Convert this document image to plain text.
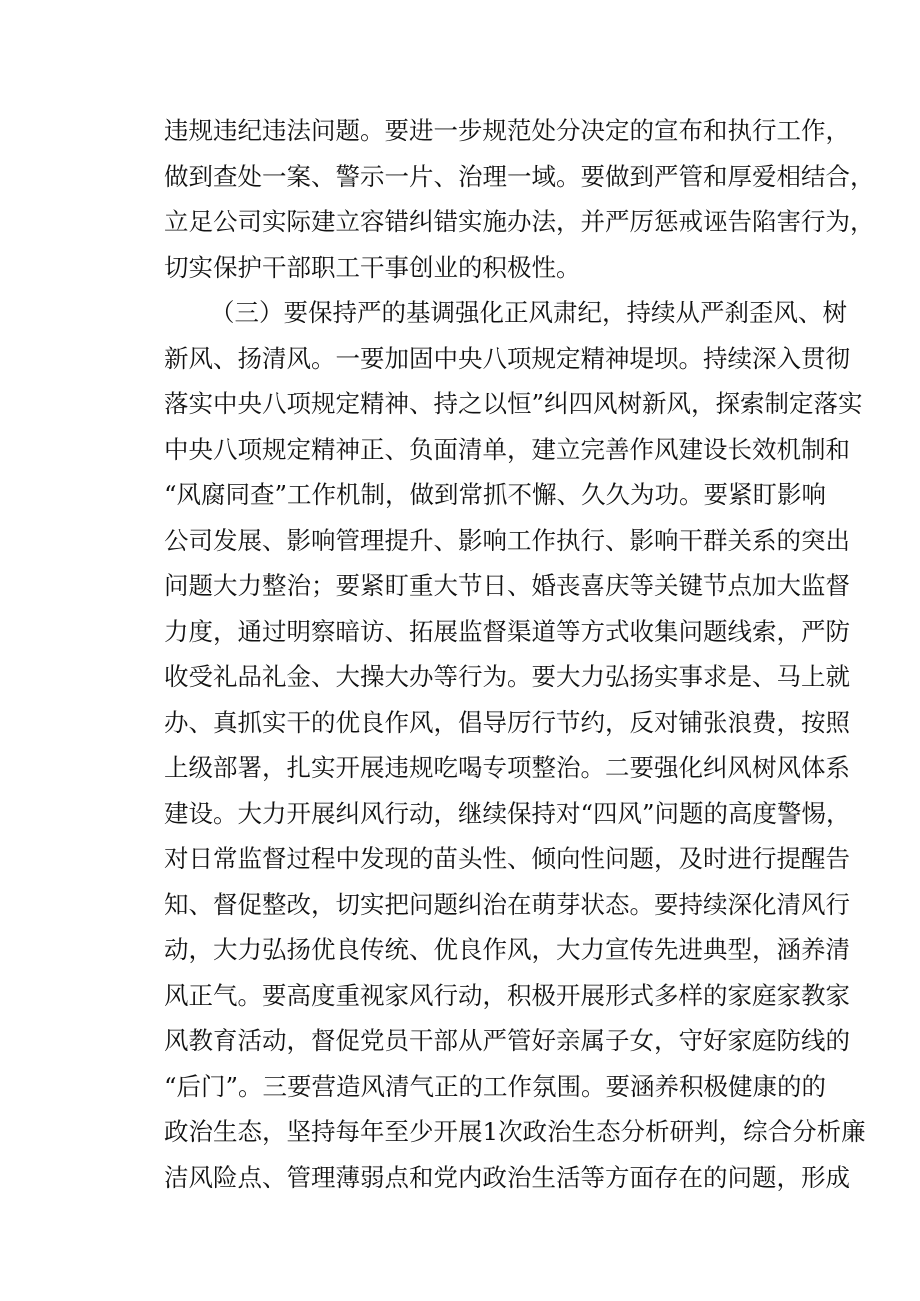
违规违纪违法问题。要进一步规范处分决定的宣布和执行工作，
做到查处一案、警示一片、治理一域。要做到严管和厚爱相结合，
立足公司实际建立容错纠错实施办法，并严厉惩戒诬告陷害行为，
切实保护干部职工干事创业的积极性。
（三）要保持严的基调强化正风肃纪，持续从严刹歪风、树
新风、扬清风。一要加固中央八项规定精神堤坝。持续深入贯彻
落实中央八项规定精神、持之以恒”纠四风树新风，探索制定落实
中央八项规定精神正、负面清单，建立完善作风建设长效机制和
“风腐同查”工作机制，做到常抓不懈、久久为功。要紧盯影响
公司发展、影响管理提升、影响工作执行、影响干群关系的突出
问题大力整治；要紧盯重大节日、婚丧喜庆等关键节点加大监督
力度，通过明察暗访、拓展监督渠道等方式收集问题线索，严防
收受礼品礼金、大操大办等行为。要大力弘扬实事求是、马上就
办、真抓实干的优良作风，倡导厉行节约，反对铺张浪费，按照
上级部署，扎实开展违规吃喝专项整治。二要强化纠风树风体系
建设。大力开展纠风行动，继续保持对“四风”问题的高度警惕，
对日常监督过程中发现的苗头性、倾向性问题，及时进行提醒告
知、督促整改，切实把问题纠治在萌芽状态。要持续深化清风行
动，大力弘扬优良传统、优良作风，大力宣传先进典型，涵养清
风正气。要高度重视家风行动，积极开展形式多样的家庭家教家
风教育活动，督促党员干部从严管好亲属子女，守好家庭防线的
“后门”。三要营造风清气正的工作氛围。要涵养积极健康的的
政治生态，坚持每年至少开展1次政治生态分析研判，综合分析廉
洁风险点、管理薄弱点和党内政治生活等方面存在的问题，形成
